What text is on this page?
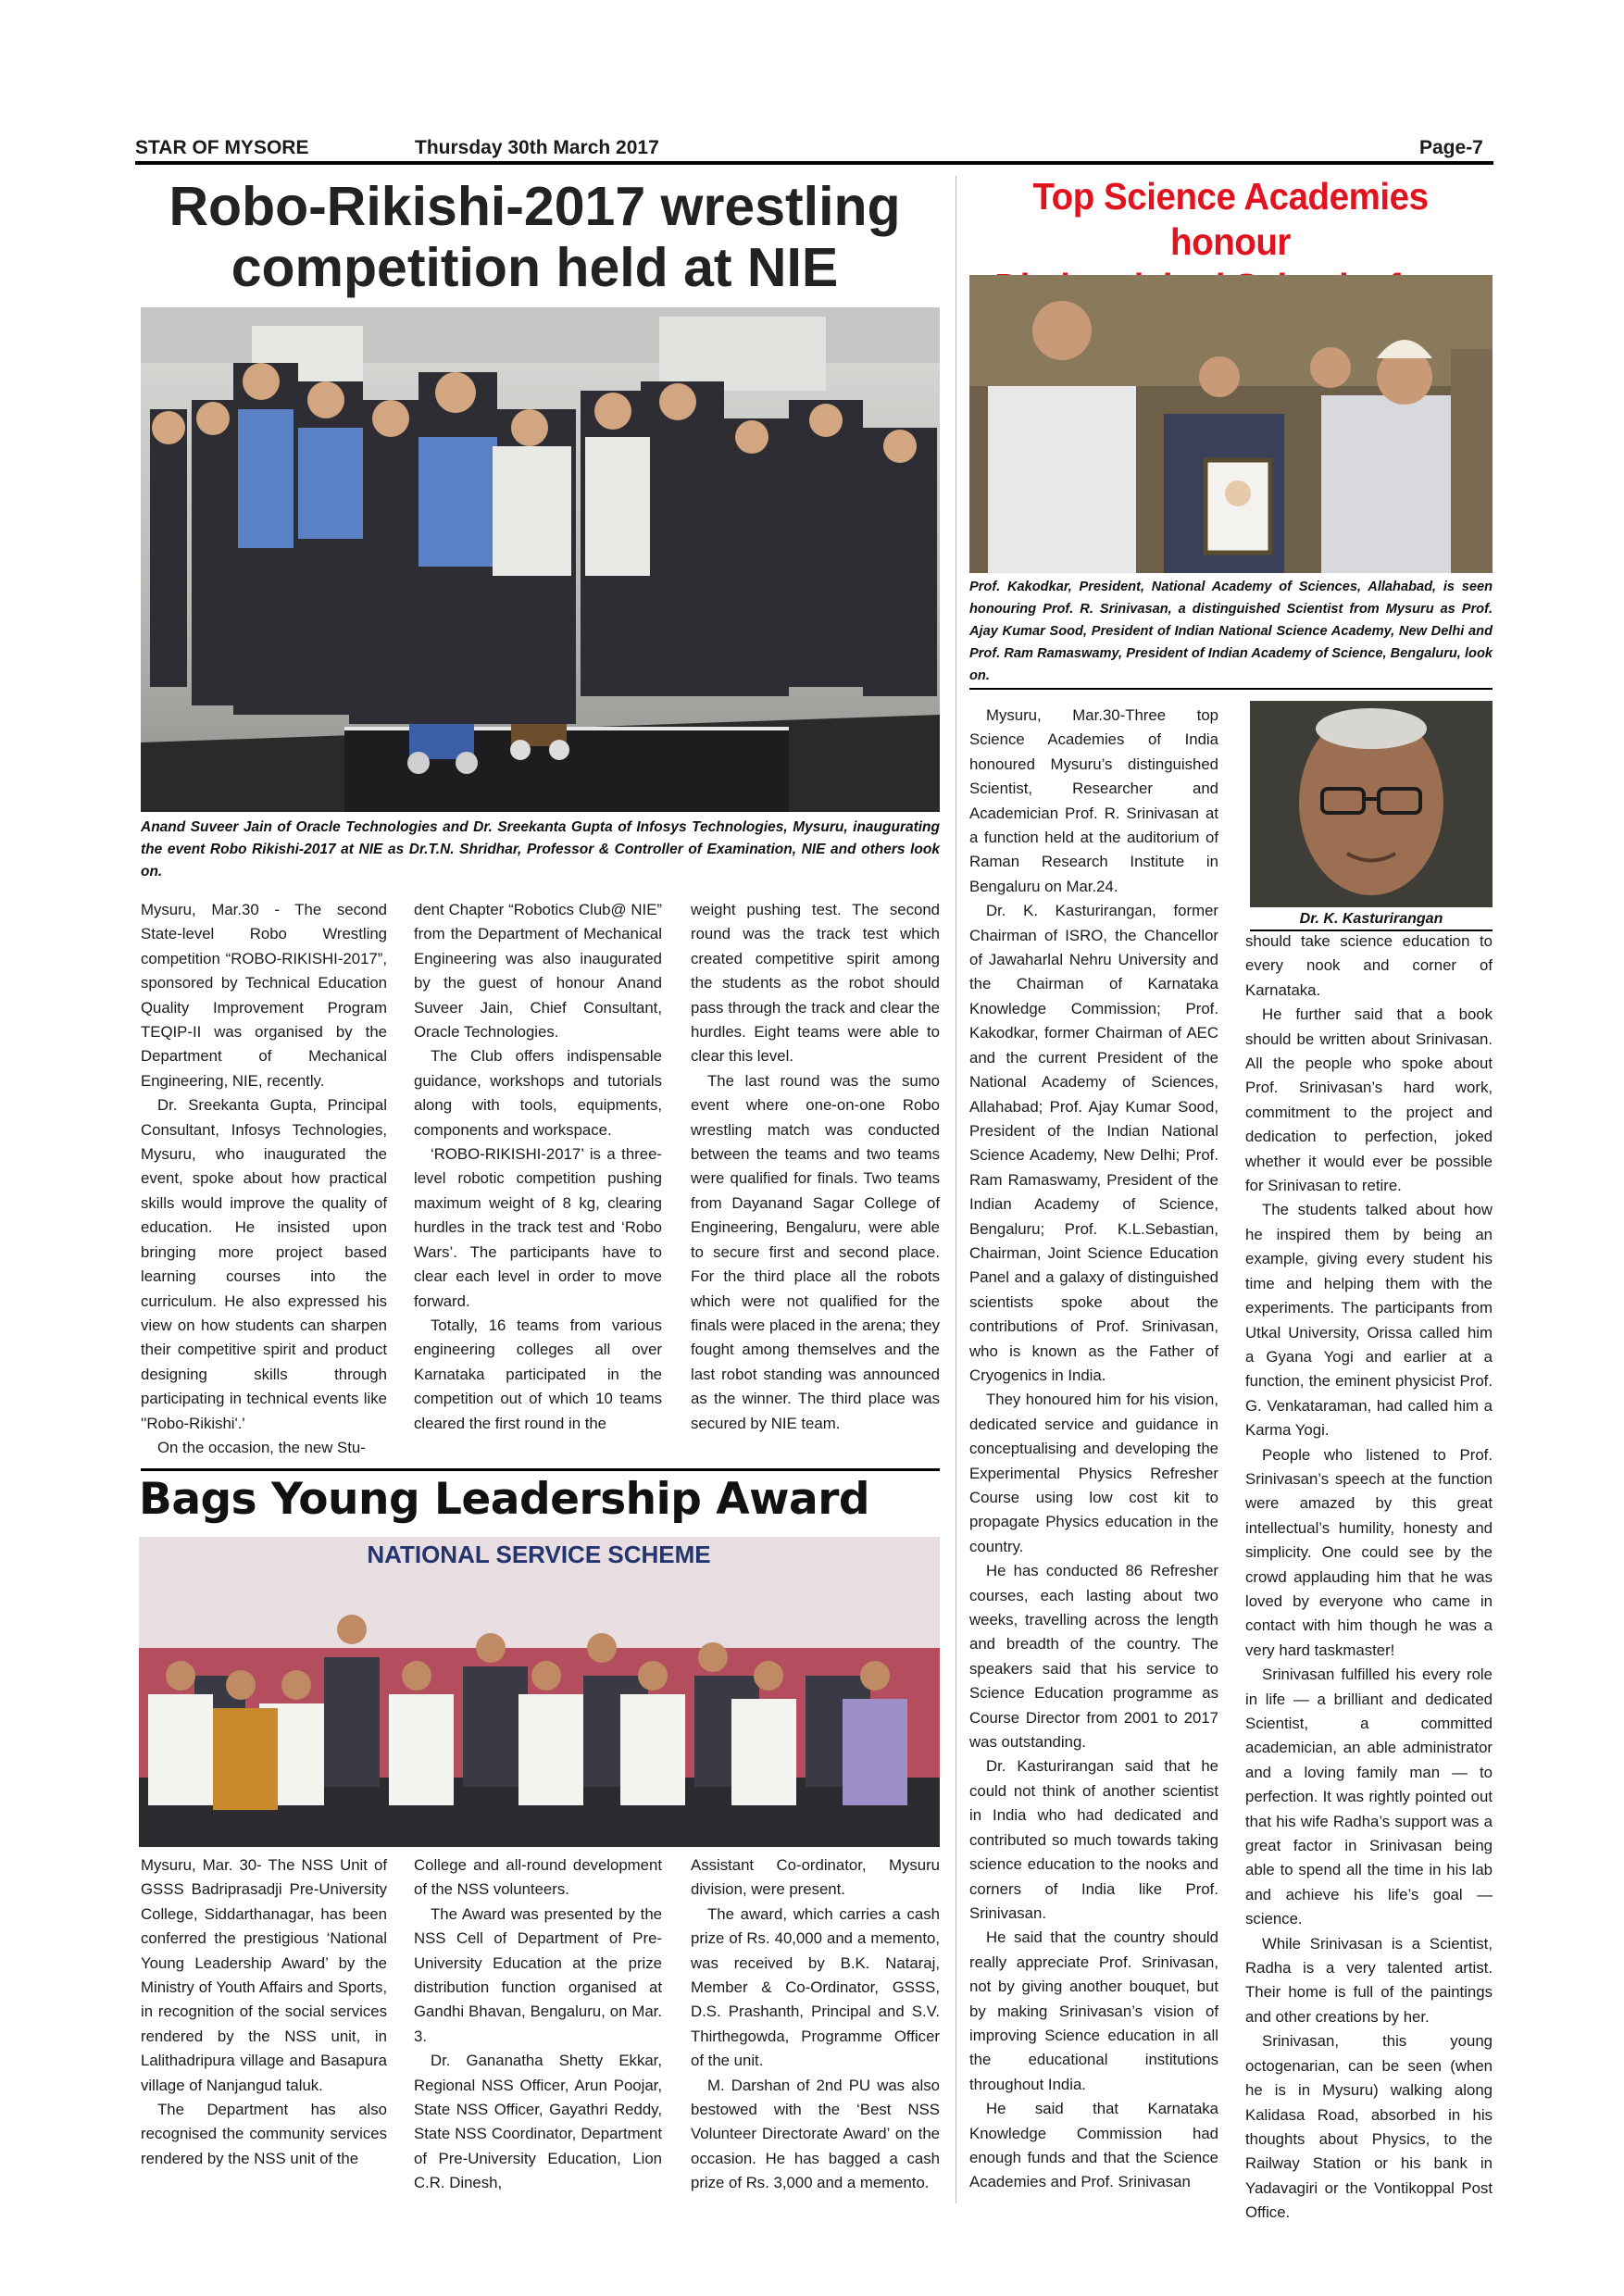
STAR OF MYSORE	Thursday 30th March 2017	Page-7
Robo-Rikishi-2017 wrestling
competition held at NIE
Anand Suveer Jain of Oracle Technologies and Dr. Sreekanta Gupta of Infosys Technologies, Mysuru, inaugurating the event Robo Rikishi-2017 at NIE as Dr.T.N. Shridhar, Professor & Controller of Examination, NIE and others look on.

Mysuru, Mar.30 - The second State-level Robo Wrestling competition “ROBO-RIKISHI-2017”, sponsored by Technical Education Quality Improvement Program TEQIP-II was organised by the Department of Mechanical Engineering, NIE, recently.

Dr. Sreekanta Gupta, Principal Consultant, Infosys Technologies, Mysuru, who inaugurated the event, spoke about how practical skills would improve the quality of education. He insisted upon bringing more project based learning courses into the curriculum. He also expressed his view on how students can sharpen their competitive spirit and product designing skills through participating in technical events like ''Robo-Rikishi'.'

On the occasion, the new Stu-

dent Chapter “Robotics Club@ NIE” from the Department of Mechanical Engineering was also inaugurated by the guest of honour Anand Suveer Jain, Chief Consultant, Oracle Technologies.

The Club offers indispensable guidance, workshops and tutorials along with tools, equipments, components and workspace.

‘ROBO-RIKISHI-2017’ is a three-level robotic competition pushing maximum weight of 8 kg, clearing hurdles in the track test and ‘Robo Wars’. The participants have to clear each level in order to move forward.

Totally, 16 teams from various engineering colleges all over Karnataka participated in the competition out of which 10 teams cleared the first round in the

weight pushing test. The second round was the track test which created competitive spirit among the students as the robot should pass through the track and clear the hurdles. Eight teams were able to clear this level.

The last round was the sumo event where one-on-one Robo wrestling match was conducted between the teams and two teams were qualified for finals. Two teams from Dayanand Sagar College of Engineering, Bengaluru, were able to secure first and second place. For the third place all the robots which were not qualified for the finals were placed in the arena; they fought among themselves and the last robot standing was announced as the winner. The third place was secured by NIE team.

Bags Young Leadership Award
NATIONAL SERVICE SCHEME

Mysuru, Mar. 30- The NSS Unit of GSSS Badriprasadji Pre-University College, Siddarthanagar, has been conferred the prestigious ‘National Young Leadership Award’ by the Ministry of Youth Affairs and Sports, in recognition of the social services rendered by the NSS unit, in Lalithadripura village and Basapura village of Nanjangud taluk.

The Department has also recognised the community services rendered by the NSS unit of the

College and all-round development of the NSS volunteers.

The Award was presented by the NSS Cell of Department of Pre-University Education at the prize distribution function organised at Gandhi Bhavan, Bengaluru, on Mar. 3.

Dr. Gananatha Shetty Ekkar, Regional NSS Officer, Arun Poojar, State NSS Officer, Gayathri Reddy, State NSS Coordinator, Department of Pre-University Education, Lion C.R. Dinesh,

Assistant Co-ordinator, Mysuru division, were present.

The award, which carries a cash prize of Rs. 40,000 and a memento, was received by B.K. Nataraj, Member & Co-Ordinator, GSSS, D.S. Prashanth, Principal and S.V. Thirthegowda, Programme Officer of the unit.

M. Darshan of 2nd PU was also bestowed with the ‘Best NSS Volunteer Directorate Award’ on the occasion. He has bagged a cash prize of Rs. 3,000 and a memento.

Top Science Academies honour
Prof. Kakodkar, President, National Academy of Sciences, Allahabad, is seen honouring Prof. R. Srinivasan, a distinguished Scientist from Mysuru as Prof. Ajay Kumar Sood, President of Indian National Science Academy, New Delhi and Prof. Ram Ramaswamy, President of Indian Academy of Science, Bengaluru, look on.
Dr. K. Kasturirangan

Mysuru, Mar.30-Three top Science Academies of India honoured Mysuru’s distinguished Scientist, Researcher and Academician Prof. R. Srinivasan at a function held at the auditorium of Raman Research Institute in Bengaluru on Mar.24.

Dr. K. Kasturirangan, former Chairman of ISRO, the Chancellor of Jawaharlal Nehru University and the Chairman of Karnataka Knowledge Commission; Prof. Kakodkar, former Chairman of AEC and the current President of the National Academy of Sciences, Allahabad; Prof. Ajay Kumar Sood, President of the Indian National Science Academy, New Delhi; Prof. Ram Ramaswamy, President of the Indian Academy of Science, Bengaluru; Prof. K.L.Sebastian, Chairman, Joint Science Education Panel and a galaxy of distinguished scientists spoke about the contributions of Prof. Srinivasan, who is known as the Father of Cryogenics in India.

They honoured him for his vision, dedicated service and guidance in conceptualising and developing the Experimental Physics Refresher Course using low cost kit to propagate Physics education in the country.

He has conducted 86 Refresher courses, each lasting about two weeks, travelling across the length and breadth of the country. The speakers said that his service to Science Education programme as Course Director from 2001 to 2017 was outstanding.

Dr. Kasturirangan said that he could not think of another scientist in India who had dedicated and contributed so much towards taking science education to the nooks and corners of India like Prof. Srinivasan.

He said that the country should really appreciate Prof. Srinivasan, not by giving another bouquet, but by making Srinivasan’s vision of improving Science education in all the educational institutions throughout India.

He said that Karnataka Knowledge Commission had enough funds and that the Science Academies and Prof. Srinivasan

should take science education to every nook and corner of Karnataka.

He further said that a book should be written about Srinivasan. All the people who spoke about Prof. Srinivasan’s hard work, commitment to the project and dedication to perfection, joked whether it would ever be possible for Srinivasan to retire.

The students talked about how he inspired them by being an example, giving every student his time and helping them with the experiments. The participants from Utkal University, Orissa called him a Gyana Yogi and earlier at a function, the eminent physicist Prof. G. Venkataraman, had called him a Karma Yogi.

People who listened to Prof. Srinivasan’s speech at the function were amazed by this great intellectual’s humility, honesty and simplicity. One could see by the crowd applauding him that he was loved by everyone who came in contact with him though he was a very hard taskmaster!

Srinivasan fulfilled his every role in life — a brilliant and dedicated Scientist, a committed academician, an able administrator and a loving family man — to perfection. It was rightly pointed out that his wife Radha’s support was a great factor in Srinivasan being able to spend all the time in his lab and achieve his life’s goal — science.

While Srinivasan is a Scientist, Radha is a very talented artist. Their home is full of the paintings and other creations by her.

Srinivasan, this young octogenarian, can be seen (when he is in Mysuru) walking along Kalidasa Road, absorbed in his thoughts about Physics, to the Railway Station or his bank in Yadavagiri or the Vontikoppal Post Office.
